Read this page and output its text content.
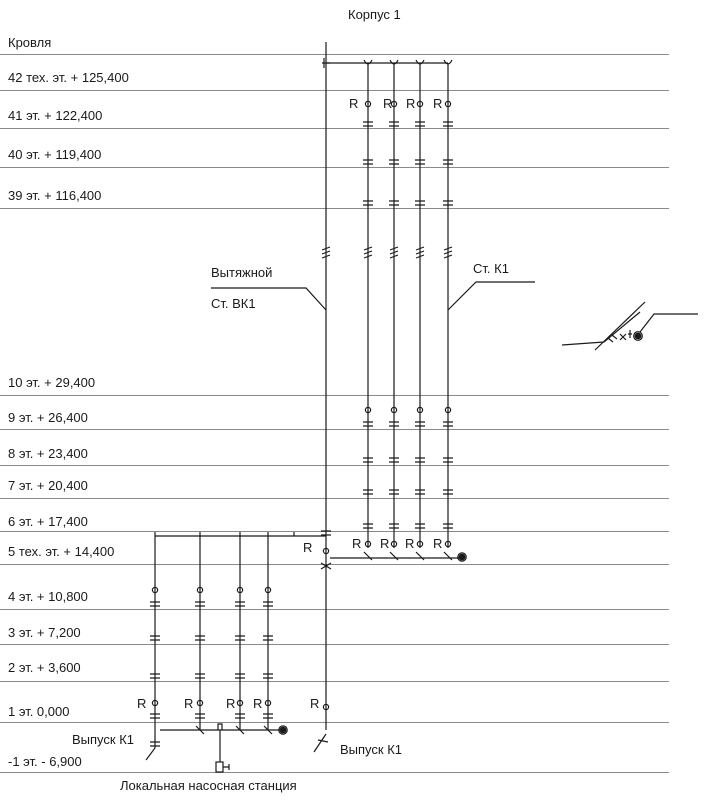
Корпус 1
Кровля
42 тех. эт. + 125,400
41 эт. + 122,400
40 эт. + 119,400
39 эт. + 116,400
10 эт. + 29,400
9 эт. + 26,400
8 эт. + 23,400
7 эт. + 20,400
6 эт. + 17,400
5 тех. эт. + 14,400
4 эт. + 10,800
3 эт. + 7,200
2 эт. + 3,600
1 эт. 0,000
-1 эт. - 6,900
Вытяжной
Ст. ВК1
Ст. К1
Выпуск К1
Выпуск К1
Локальная насосная станция
R R R R
R	R R R R
R	R	R R	R
